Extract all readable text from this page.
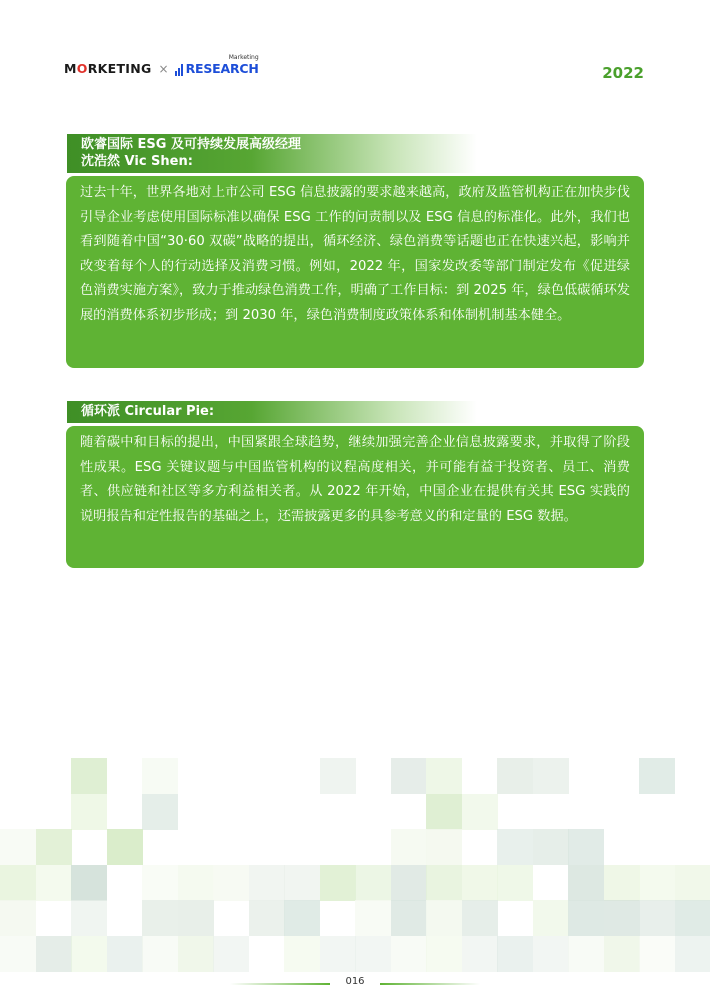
MORKETING × RESEARCH
Marketing
2022
欧睿国际 ESG 及可持续发展高级经理
沈浩然 Vic Shen:
过去十年，世界各地对上市公司 ESG 信息披露的要求越来越高，政府及监管机构正在加快步伐引导企业考虑使用国际标准以确保 ESG 工作的问责制以及 ESG 信息的标准化。此外，我们也看到随着中国“30·60 双碳”战略的提出，循环经济、绿色消费等话题也正在快速兴起，影响并改变着每个人的行动选择及消费习惯。例如，2022 年，国家发改委等部门制定发布《促进绿色消费实施方案》，致力于推动绿色消费工作，明确了工作目标：到 2025 年，绿色低碳循环发展的消费体系初步形成；到 2030 年，绿色消费制度政策体系和体制机制基本健全。
循环派 Circular Pie:
随着碳中和目标的提出，中国紧跟全球趋势，继续加强完善企业信息披露要求，并取得了阶段性成果。ESG 关键议题与中国监管机构的议程高度相关，并可能有益于投资者、员工、消费者、供应链和社区等多方利益相关者。从 2022 年开始，中国企业在提供有关其 ESG 实践的说明报告和定性报告的基础之上，还需披露更多的具参考意义的和定量的 ESG 数据。
016
